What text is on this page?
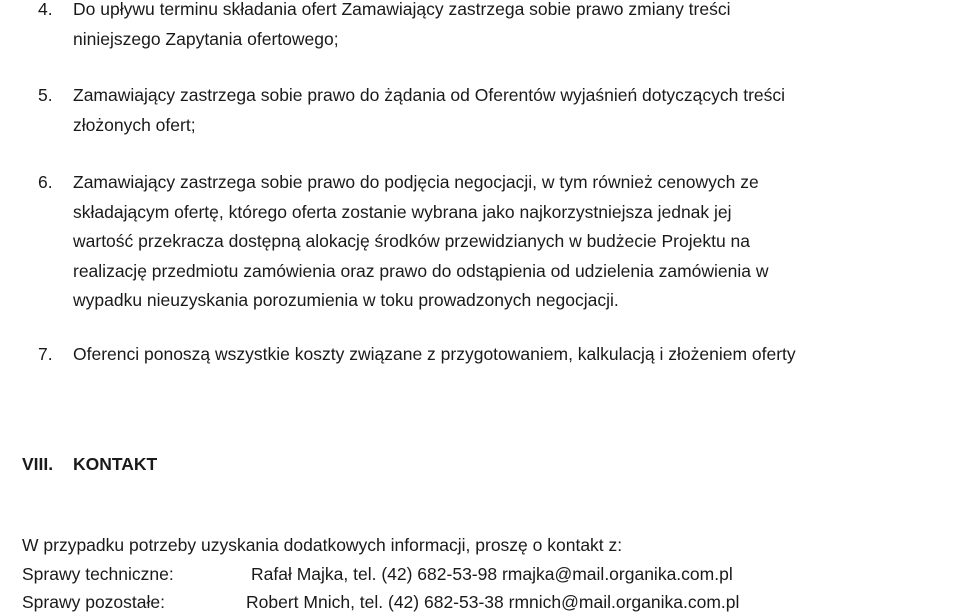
4. Do upływu terminu składania ofert Zamawiający zastrzega sobie prawo zmiany treści
niniejszego Zapytania ofertowego;
5. Zamawiający zastrzega sobie prawo do żądania od Oferentów wyjaśnień dotyczących treści
złożonych ofert;
6. Zamawiający zastrzega sobie prawo do podjęcia negocjacji, w tym również cenowych ze
składającym ofertę, którego oferta zostanie wybrana jako najkorzystniejsza jednak jej
wartość przekracza dostępną alokację środków przewidzianych w budżecie Projektu na
realizację przedmiotu zamówienia oraz prawo do odstąpienia od udzielenia zamówienia w
wypadku nieuzyskania porozumienia w toku prowadzonych negocjacji.
7. Oferenci ponoszą wszystkie koszty związane z przygotowaniem, kalkulacją i złożeniem oferty
VIII. KONTAKT
W przypadku potrzeby uzyskania dodatkowych informacji, proszę o kontakt z:
Sprawy techniczne:	Rafał Majka, tel. (42) 682-53-98 rmajka@mail.organika.com.pl
Sprawy pozostałe:	Robert Mnich, tel. (42) 682-53-38 rmnich@mail.organika.com.pl
